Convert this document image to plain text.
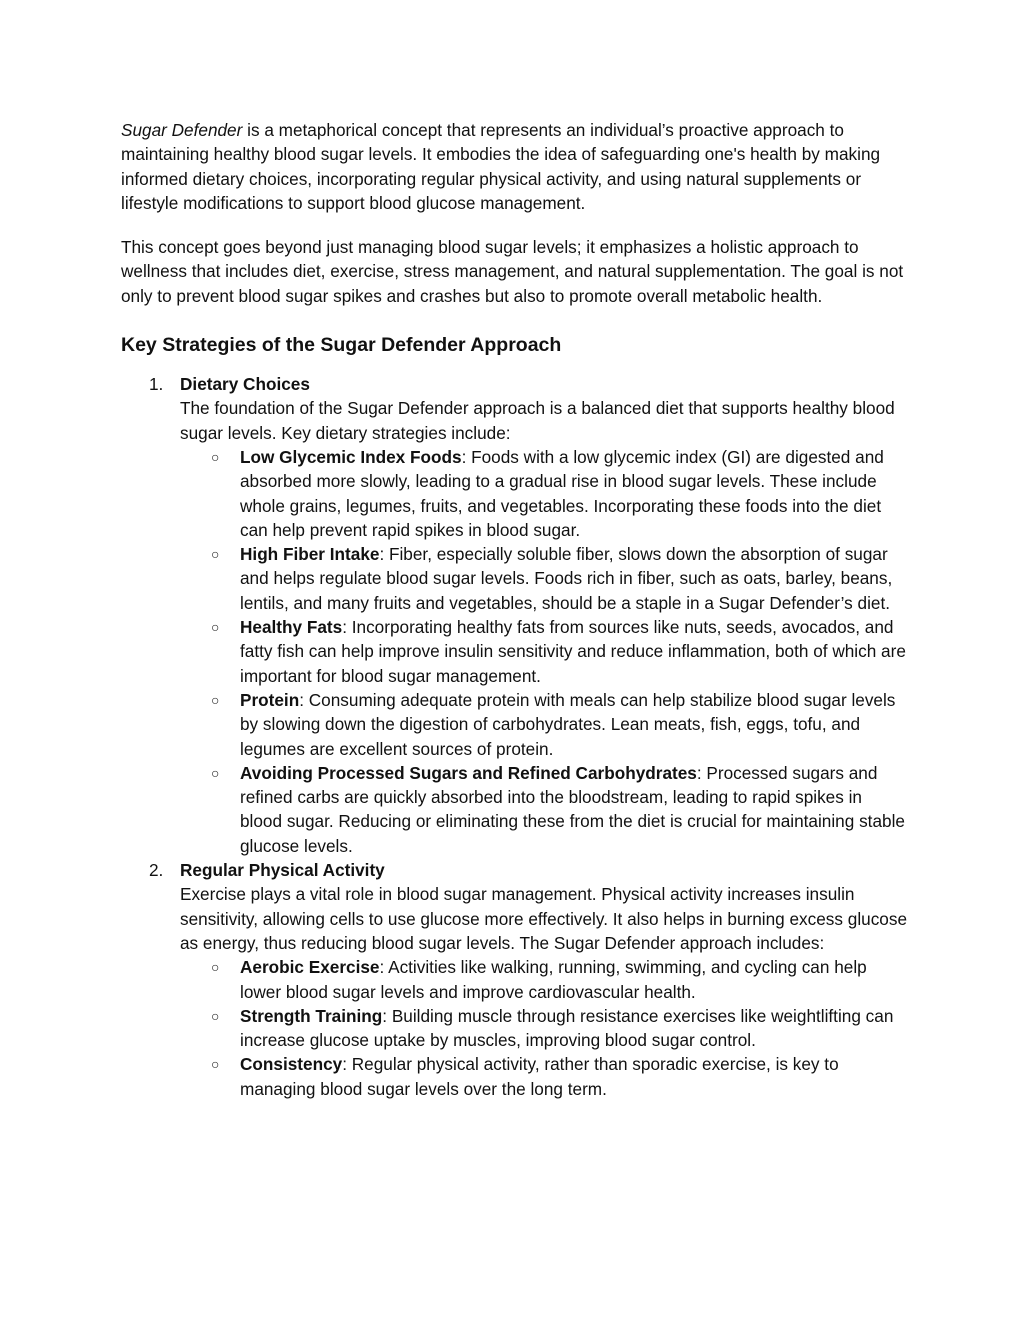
Sugar Defender is a metaphorical concept that represents an individual’s proactive approach to maintaining healthy blood sugar levels. It embodies the idea of safeguarding one's health by making informed dietary choices, incorporating regular physical activity, and using natural supplements or lifestyle modifications to support blood glucose management.

This concept goes beyond just managing blood sugar levels; it emphasizes a holistic approach to wellness that includes diet, exercise, stress management, and natural supplementation. The goal is not only to prevent blood sugar spikes and crashes but also to promote overall metabolic health.

Key Strategies of the Sugar Defender Approach
1. Dietary Choices
The foundation of the Sugar Defender approach is a balanced diet that supports healthy blood sugar levels. Key dietary strategies include:
○ Low Glycemic Index Foods: Foods with a low glycemic index (GI) are digested and absorbed more slowly, leading to a gradual rise in blood sugar levels. These include whole grains, legumes, fruits, and vegetables. Incorporating these foods into the diet can help prevent rapid spikes in blood sugar.
○ High Fiber Intake: Fiber, especially soluble fiber, slows down the absorption of sugar and helps regulate blood sugar levels. Foods rich in fiber, such as oats, barley, beans, lentils, and many fruits and vegetables, should be a staple in a Sugar Defender’s diet.
○ Healthy Fats: Incorporating healthy fats from sources like nuts, seeds, avocados, and fatty fish can help improve insulin sensitivity and reduce inflammation, both of which are important for blood sugar management.
○ Protein: Consuming adequate protein with meals can help stabilize blood sugar levels by slowing down the digestion of carbohydrates. Lean meats, fish, eggs, tofu, and legumes are excellent sources of protein.
○ Avoiding Processed Sugars and Refined Carbohydrates: Processed sugars and refined carbs are quickly absorbed into the bloodstream, leading to rapid spikes in blood sugar. Reducing or eliminating these from the diet is crucial for maintaining stable glucose levels.
2. Regular Physical Activity
Exercise plays a vital role in blood sugar management. Physical activity increases insulin sensitivity, allowing cells to use glucose more effectively. It also helps in burning excess glucose as energy, thus reducing blood sugar levels. The Sugar Defender approach includes:
○ Aerobic Exercise: Activities like walking, running, swimming, and cycling can help lower blood sugar levels and improve cardiovascular health.
○ Strength Training: Building muscle through resistance exercises like weightlifting can increase glucose uptake by muscles, improving blood sugar control.
○ Consistency: Regular physical activity, rather than sporadic exercise, is key to managing blood sugar levels over the long term.
